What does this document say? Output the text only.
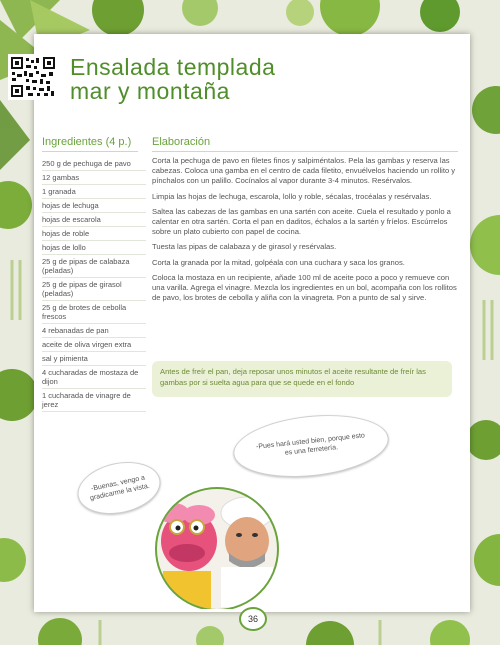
Ensalada templada
mar y montaña
Ingredientes (4 p.) Elaboración
250 g de pechuga de pavo
12 gambas
1 granada
hojas de lechuga
hojas de escarola
hojas de roble
hojas de lollo
25 g de pipas de calabaza (peladas)
25 g de pipas de girasol (peladas)
25 g de brotes de cebolla frescos
4 rebanadas de pan
aceite de oliva virgen extra
sal y pimienta
4 cucharadas de mostaza de dijon
1 cucharada de vinagre de jerez

Corta la pechuga de pavo en filetes finos y salpiméntalos. Pela las gambas y reserva las cabezas. Coloca una gamba en el centro de cada filetito, envuélvelos haciendo un rollito y pínchalos con un palillo. Cocínalos al vapor durante 3-4 minutos. Resérvalos.

Limpia las hojas de lechuga, escarola, lollo y roble, sécalas, trocéalas y resérvalas.

Saltea las cabezas de las gambas en una sartén con aceite. Cuela el resultado y ponlo a calentar en otra sartén. Corta el pan en daditos, échalos a la sartén y fríelos. Escúrrelos sobre un plato cubierto con papel de cocina.

Tuesta las pipas de calabaza y de girasol y resérvalas.

Corta la granada por la mitad, golpéala con una cuchara y saca los granos.

Coloca la mostaza en un recipiente, añade 100 ml de aceite poco a poco y remueve con una varilla. Agrega el vinagre. Mezcla los ingredientes en un bol, acompaña con los rollitos de pavo, los brotes de cebolla y aliña con la vinagreta. Pon a punto de sal y sirve.

Antes de freír el pan, deja reposar unos minutos el aceite resultante de freír las gambas por si suelta agua para que se quede en el fondo
-Buenas, vengo a gradicarme la vista.
-Pues hará usted bien, porque esto es una ferretería.
36
